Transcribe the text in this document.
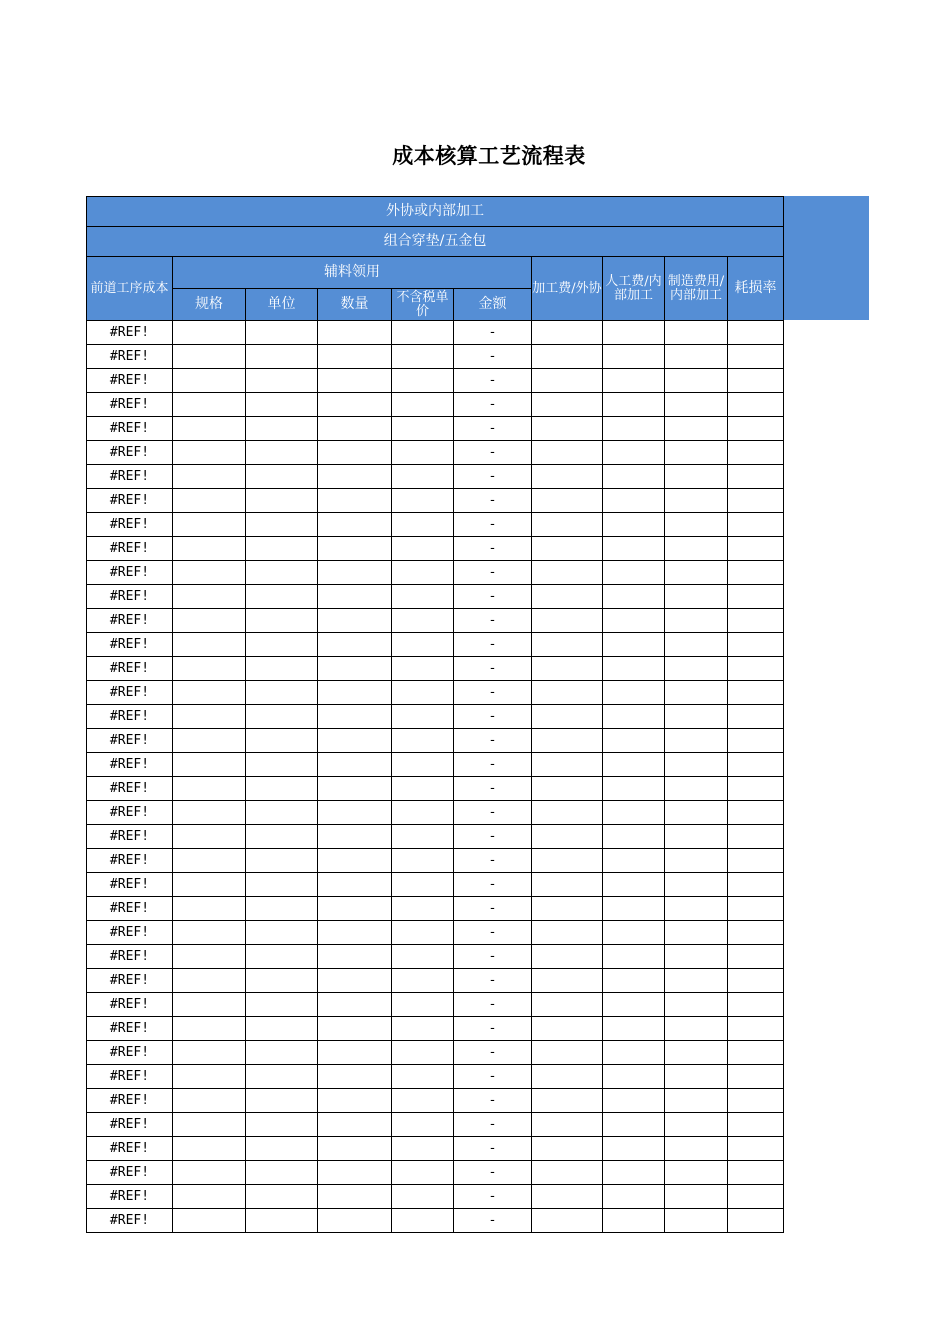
成本核算工艺流程表
外协或内部加工									
组合穿垫/五金包									
前道工序成本	辅料领用					加工费/外协	人工费/内部加工	制造费用/内部加工	耗损率
	规格	单位	数量	不含税单价	金额				
#REF!					-				
#REF!					-				
#REF!					-				
#REF!					-				
#REF!					-				
#REF!					-				
#REF!					-				
#REF!					-				
#REF!					-				
#REF!					-				
#REF!					-				
#REF!					-				
#REF!					-				
#REF!					-				
#REF!					-				
#REF!					-				
#REF!					-				
#REF!					-				
#REF!					-				
#REF!					-				
#REF!					-				
#REF!					-				
#REF!					-				
#REF!					-				
#REF!					-				
#REF!					-				
#REF!					-				
#REF!					-				
#REF!					-				
#REF!					-				
#REF!					-				
#REF!					-				
#REF!					-				
#REF!					-				
#REF!					-				
#REF!					-				
#REF!					-				
#REF!					-				
